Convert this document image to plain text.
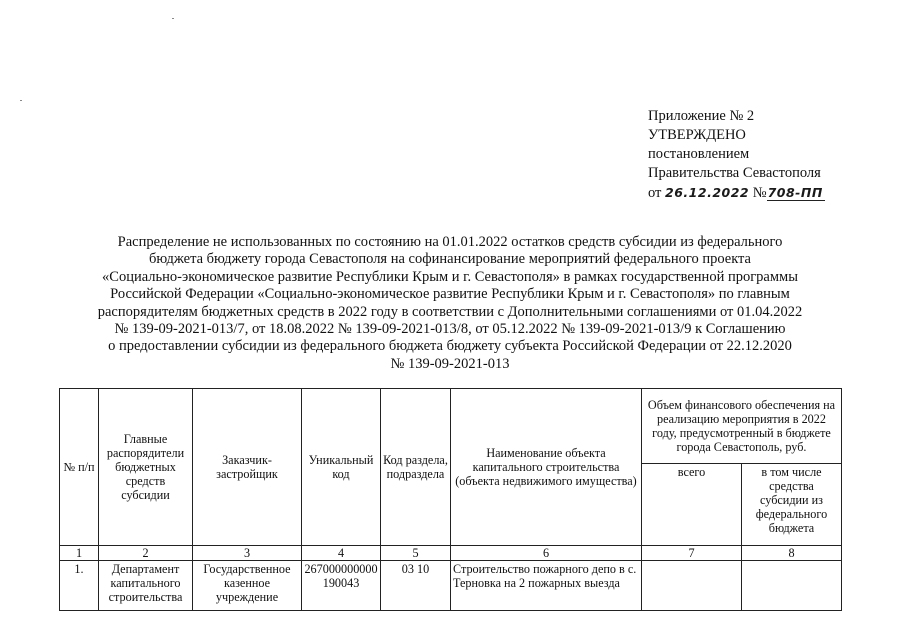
Приложение № 2
УТВЕРЖДЕНО
постановлением
Правительства Севастополя
от 26.12.2022 №708-ПП
Распределение не использованных по состоянию на 01.01.2022 остатков средств субсидии из федерального
бюджета бюджету города Севастополя на софинансирование мероприятий федерального проекта
«Социально-экономическое развитие Республики Крым и г. Севастополя» в рамках государственной программы
Российской Федерации «Социально-экономическое развитие Республики Крым и г. Севастополя» по главным
распорядителям бюджетных средств в 2022 году в соответствии с Дополнительными соглашениями от 01.04.2022
№ 139-09-2021-013/7, от 18.08.2022 № 139-09-2021-013/8, от 05.12.2022 № 139-09-2021-013/9 к Соглашению
о предоставлении субсидии из федерального бюджета бюджету субъекта Российской Федерации от 22.12.2020
№ 139-09-2021-013
№ п/п	Главные распорядители бюджетных средств субсидии	Заказчик-застройщик	Уникальный код	Код раздела, подраздела	Наименование объекта капитального строительства (объекта недвижимого имущества)	Объем финансового обеспечения на реализацию мероприятия в 2022 году, предусмотренный в бюджете города Севастополь, руб.	
						всего	в том числе средства субсидии из федерального бюджета
1	2	3	4	5	6	7	8
1.	Департамент капитального строительства	Государственное казенное учреждение	267000000000190043	03 10	Строительство пожарного депо в с. Терновка на 2 пожарных выезда		
